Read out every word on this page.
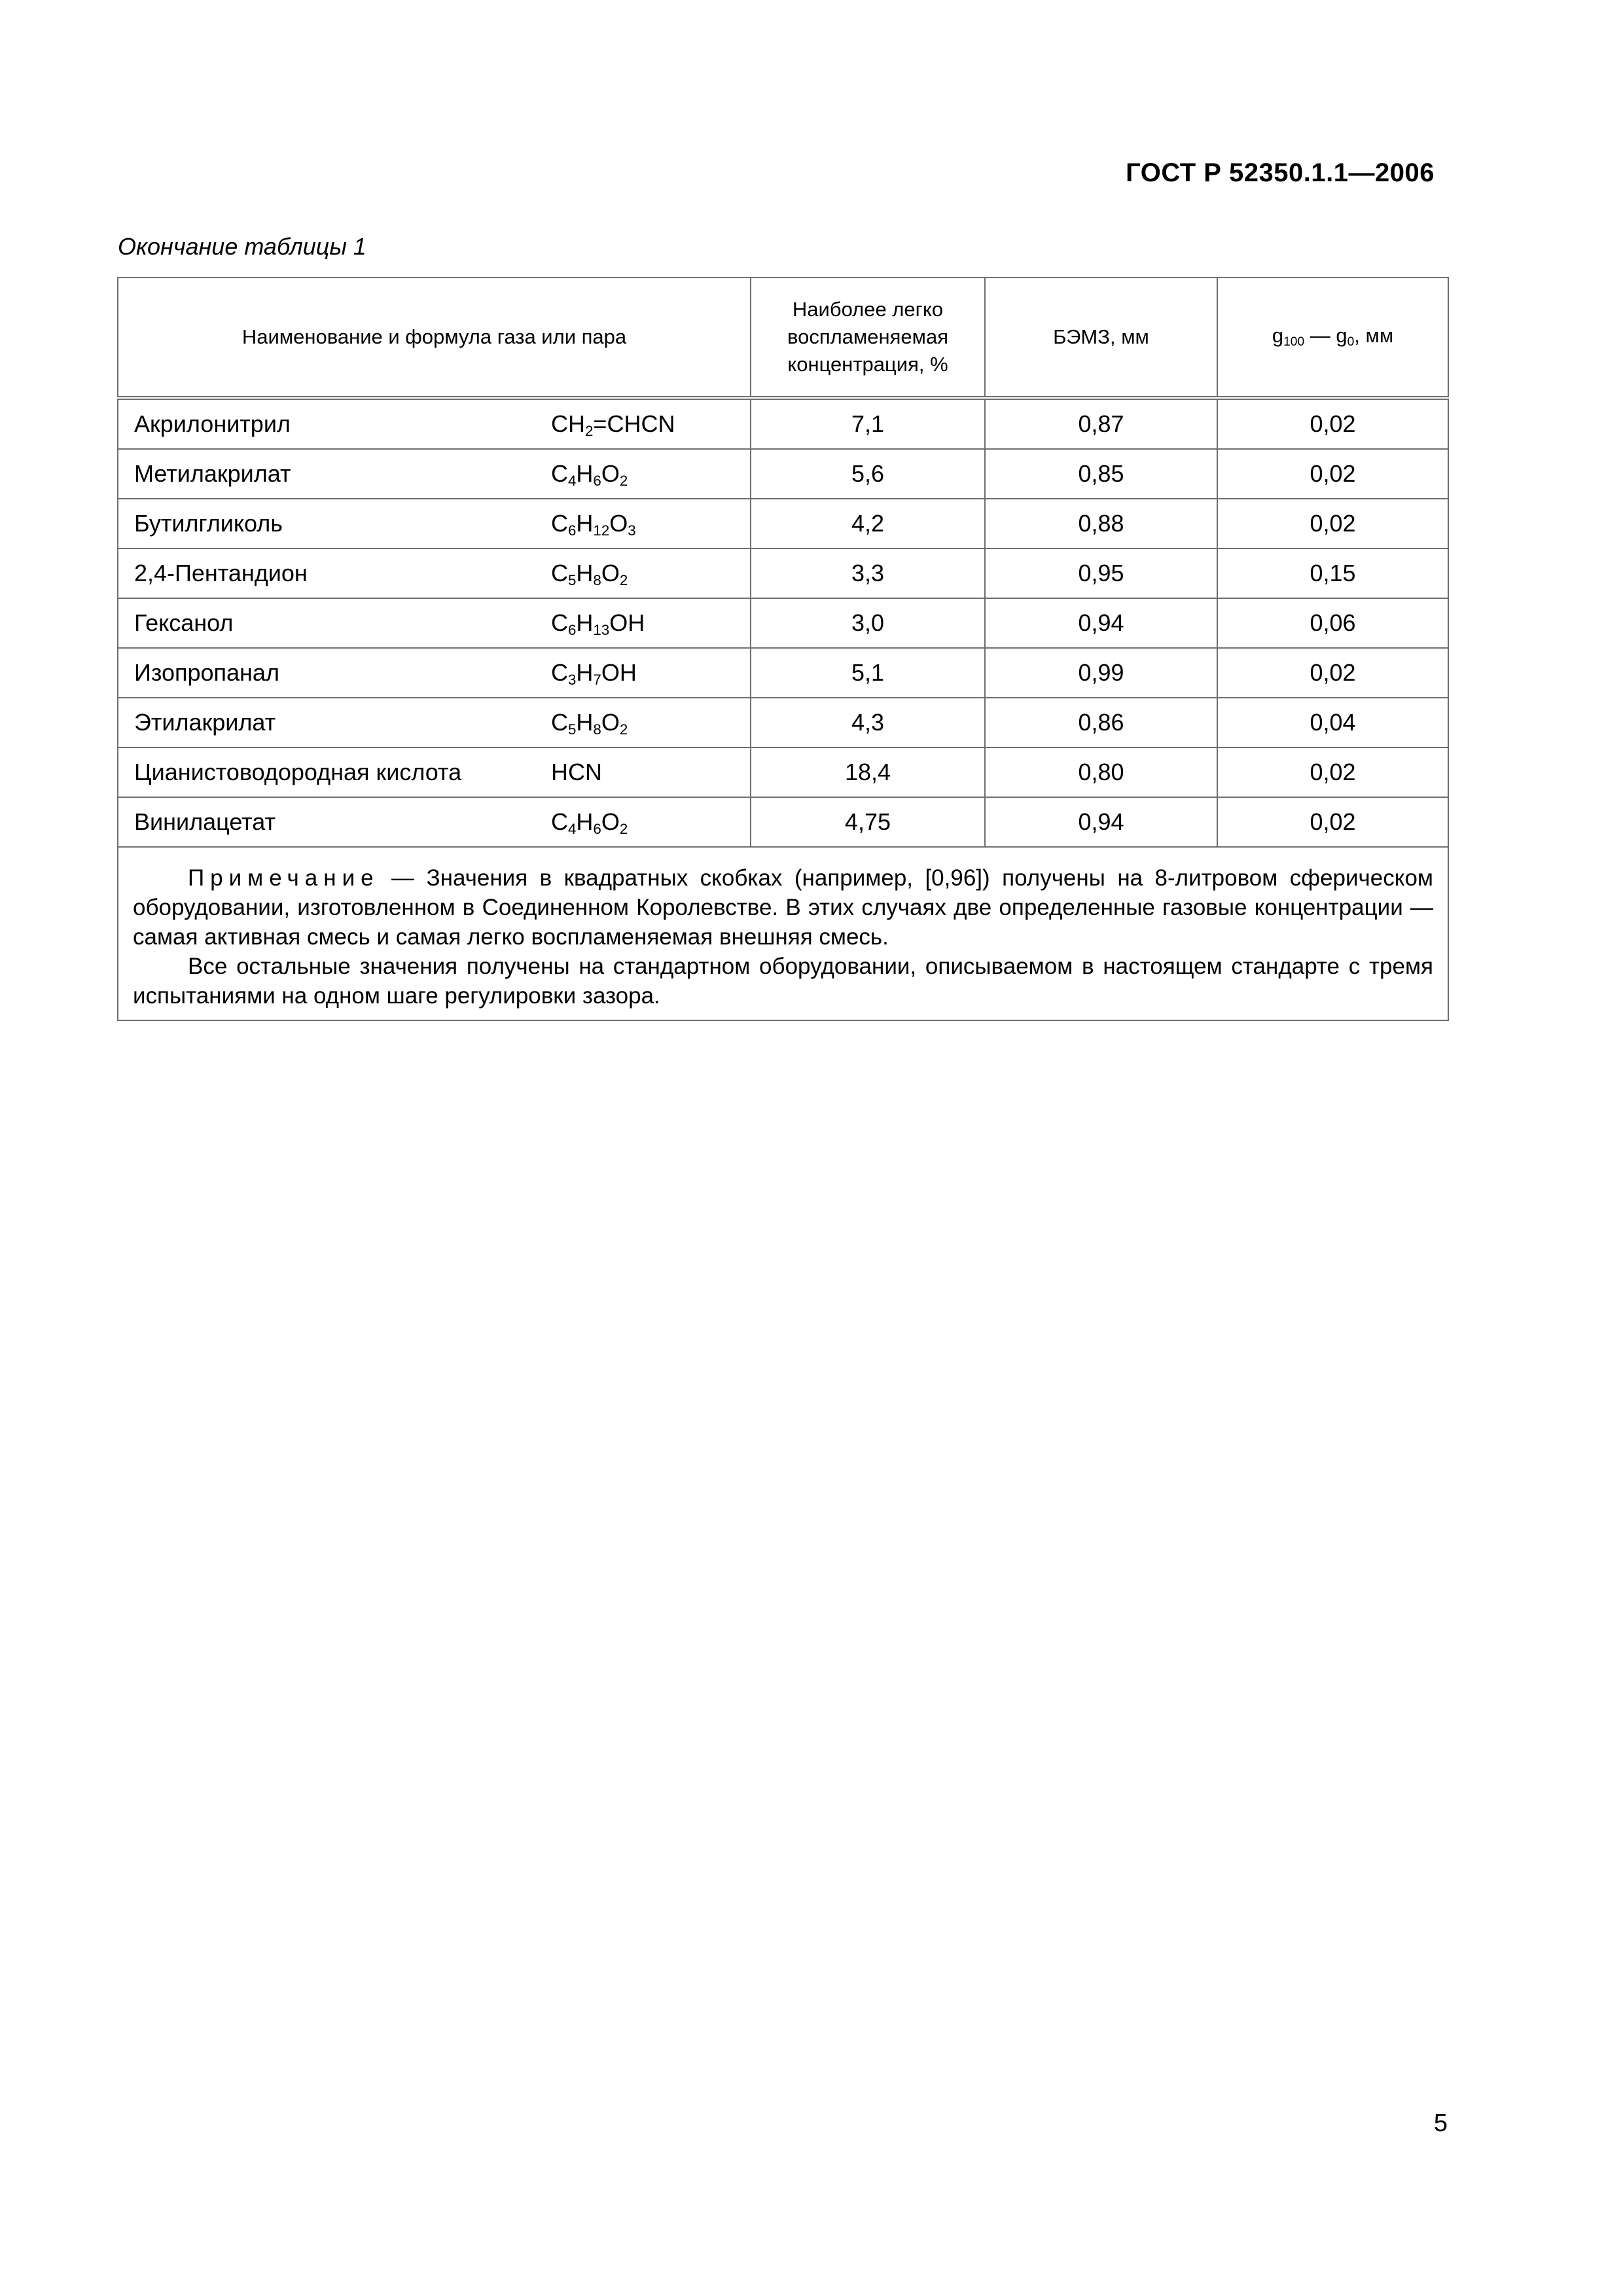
ГОСТ Р 52350.1.1—2006
Окончание таблицы 1
Наименование и формула газа или пара		Наиболее легко воспламеняемая концентрация, %	БЭМЗ, мм	$g_{100}$ — $g_0$, мм
Акрилонитрил	$CH_2=CHCN$	7,1	0,87	0,02
Метилакрилат	$C_4H_6O_2$	5,6	0,85	0,02
Бутилгликоль	$C_6H_{12}O_3$	4,2	0,88	0,02
2,4-Пентандион	$C_5H_8O_2$	3,3	0,95	0,15
Гексанол	$C_6H_{13}OH$	3,0	0,94	0,06
Изопропанал	$C_3H_7OH$	5,1	0,99	0,02
Этилакрилат	$C_5H_8O_2$	4,3	0,86	0,04
Цианистоводородная кислота	HCN	18,4	0,80	0,02
Винилацетат	$C_4H_6O_2$	4,75	0,94	0,02

Примечание — Значения в квадратных скобках (например, [0,96]) получены на 8-литровом сферическом оборудовании, изготовленном в Соединенном Королевстве. В этих случаях две определенные газовые концентрации — самая активная смесь и самая легко воспламеняемая внешняя смесь.

Все остальные значения получены на стандартном оборудовании, описываемом в настоящем стандарте с тремя испытаниями на одном шаге регулировки зазора.				

5
